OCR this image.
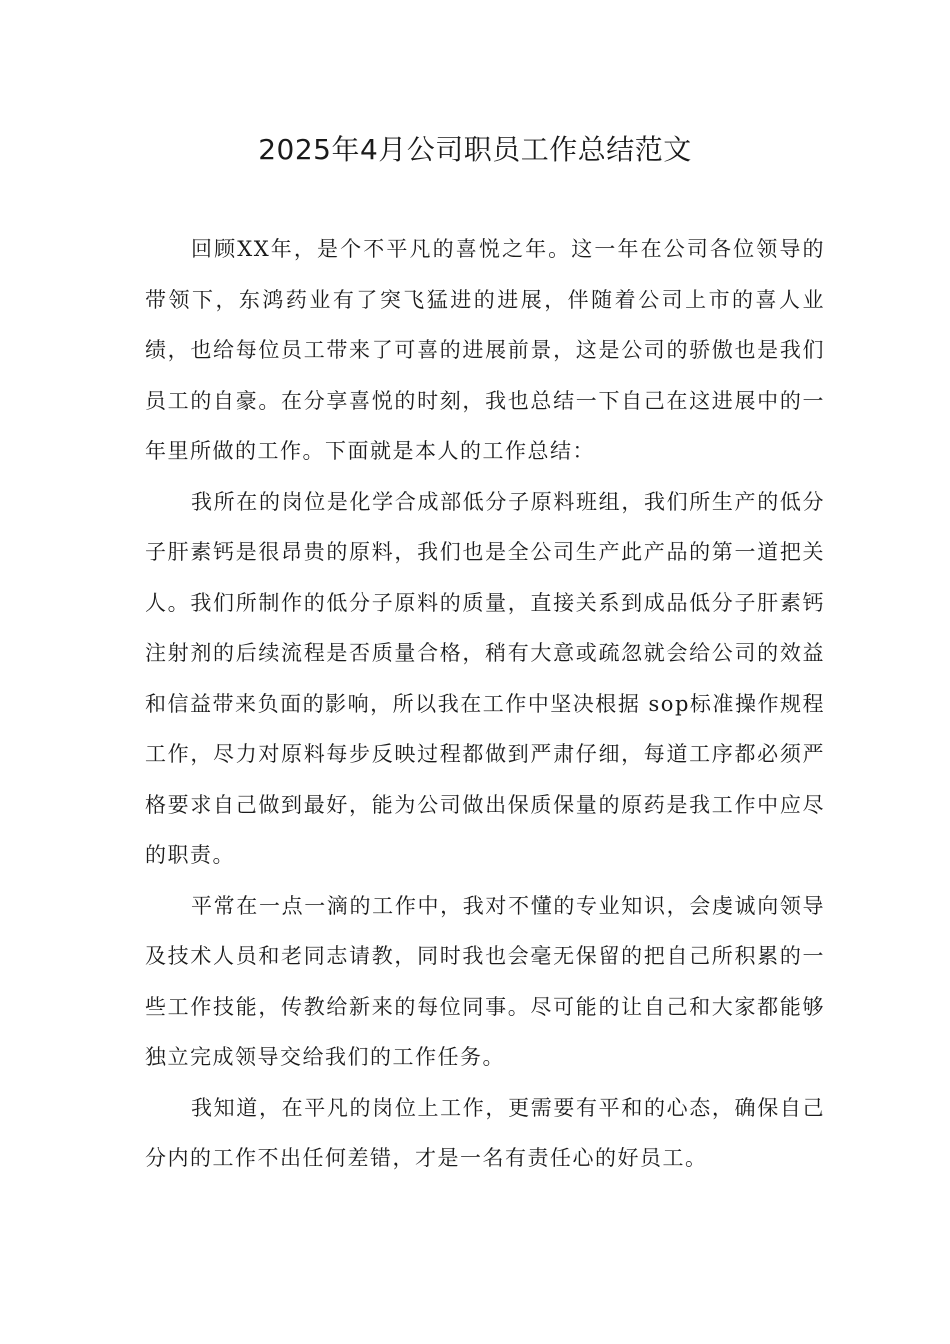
2025年4月公司职员工作总结范文

回顾XX年，是个不平凡的喜悦之年。这一年在公司各位领导的带领下，东鸿药业有了突飞猛进的进展，伴随着公司上市的喜人业绩，也给每位员工带来了可喜的进展前景，这是公司的骄傲也是我们员工的自豪。在分享喜悦的时刻，我也总结一下自己在这进展中的一年里所做的工作。下面就是本人的工作总结：

我所在的岗位是化学合成部低分子原料班组，我们所生产的低分子肝素钙是很昂贵的原料，我们也是全公司生产此产品的第一道把关人。我们所制作的低分子原料的质量，直接关系到成品低分子肝素钙注射剂的后续流程是否质量合格，稍有大意或疏忽就会给公司的效益和信益带来负面的影响，所以我在工作中坚决根据 sop标准操作规程工作，尽力对原料每步反映过程都做到严肃仔细，每道工序都必须严格要求自己做到最好，能为公司做出保质保量的原药是我工作中应尽的职责。

平常在一点一滴的工作中，我对不懂的专业知识，会虔诚向领导及技术人员和老同志请教，同时我也会毫无保留的把自己所积累的一些工作技能，传教给新来的每位同事。尽可能的让自己和大家都能够独立完成领导交给我们的工作任务。

我知道，在平凡的岗位上工作，更需要有平和的心态，确保自己分内的工作不出任何差错，才是一名有责任心的好员工。
